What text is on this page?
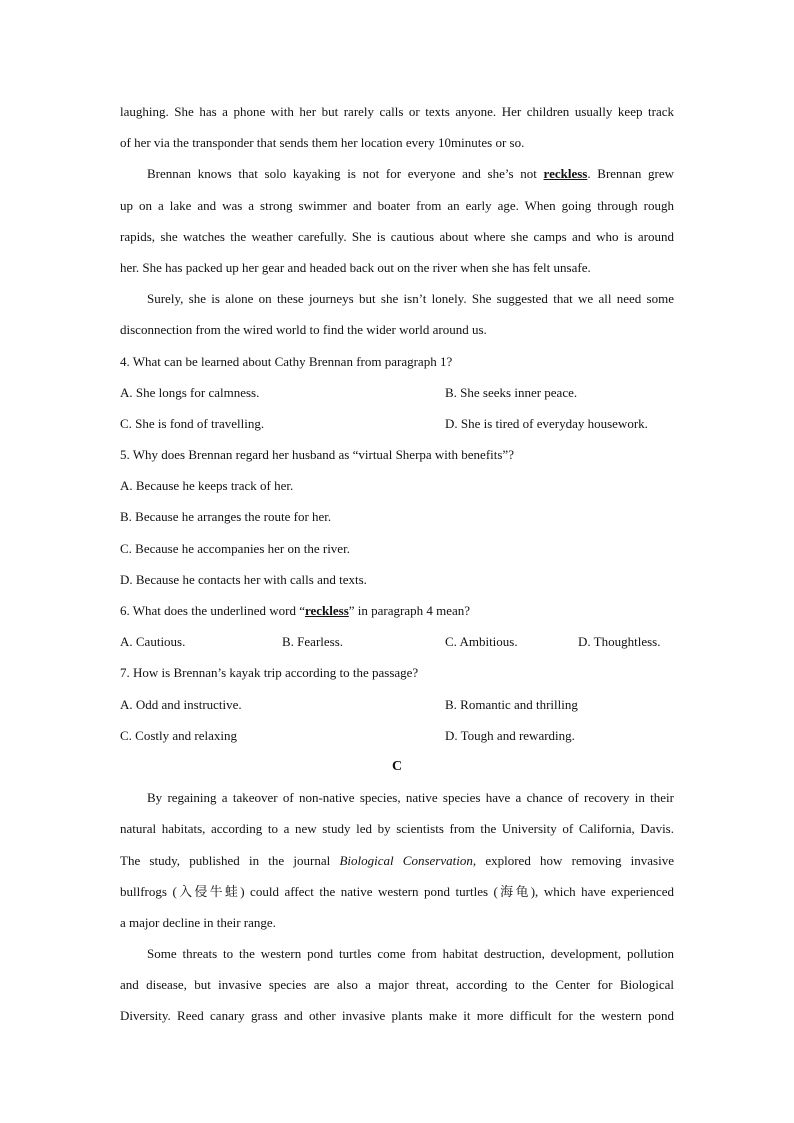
laughing. She has a phone with her but rarely calls or texts anyone. Her children usually keep track
of her via the transponder that sends them her location every 10minutes or so.
Brennan knows that solo kayaking is not for everyone and she’s not reckless. Brennan grew
up on a lake and was a strong swimmer and boater from an early age. When going through rough
rapids, she watches the weather carefully. She is cautious about where she camps and who is around
her. She has packed up her gear and headed back out on the river when she has felt unsafe.
Surely, she is alone on these journeys but she isn’t lonely. She suggested that we all need some
disconnection from the wired world to find the wider world around us.
4. What can be learned about Cathy Brennan from paragraph 1?
A. She longs for calmness.	B. She seeks inner peace.
C. She is fond of travelling.	D. She is tired of everyday housework.
5. Why does Brennan regard her husband as “virtual Sherpa with benefits”?
A. Because he keeps track of her.
B. Because he arranges the route for her.
C. Because he accompanies her on the river.
D. Because he contacts her with calls and texts.
6. What does the underlined word “reckless” in paragraph 4 mean?
A. Cautious.	B. Fearless.	C. Ambitious.	D. Thoughtless.
7. How is Brennan’s kayak trip according to the passage?
A. Odd and instructive.	B. Romantic and thrilling
C. Costly and relaxing	D. Tough and rewarding.
C
By regaining a takeover of non-native species, native species have a chance of recovery in their
natural habitats, according to a new study led by scientists from the University of California, Davis.
The study, published in the journal Biological Conservation, explored how removing invasive
bullfrogs (入侵牛蛙) could affect the native western pond turtles (海龟), which have experienced
a major decline in their range.
Some threats to the western pond turtles come from habitat destruction, development, pollution
and disease, but invasive species are also a major threat, according to the Center for Biological
Diversity. Reed canary grass and other invasive plants make it more difficult for the western pond
